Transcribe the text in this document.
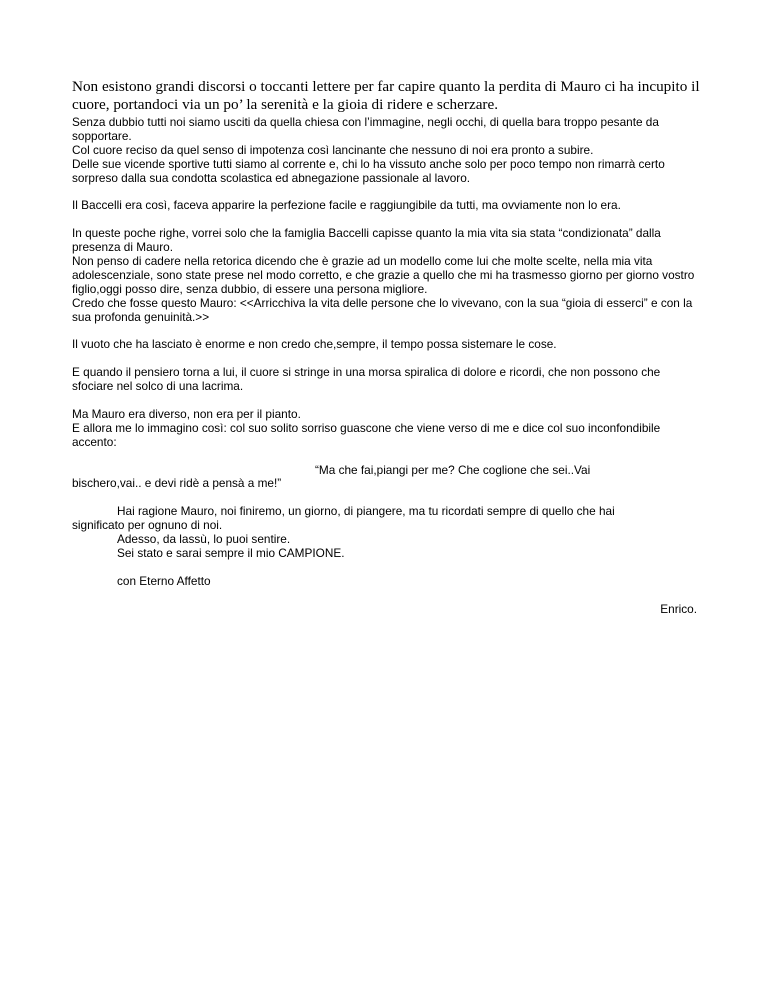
Non esistono grandi discorsi o toccanti lettere per far capire quanto la perdita di Mauro ci ha incupito il cuore, portandoci via un po’ la serenità e la gioia di ridere e scherzare.

Senza dubbio tutti noi siamo usciti da quella chiesa con l’immagine, negli occhi, di quella bara troppo pesante da sopportare.
Col cuore reciso da quel senso di impotenza così lancinante che nessuno di noi era pronto a subire.
Delle sue vicende sportive tutti siamo al corrente e, chi lo ha vissuto anche solo per poco tempo non rimarrà certo sorpreso dalla sua condotta scolastica ed abnegazione passionale al lavoro.

Il Baccelli era così, faceva apparire la perfezione facile e raggiungibile da tutti, ma ovviamente non lo era.

In queste poche righe, vorrei solo che la famiglia Baccelli capisse quanto la mia vita sia stata “condizionata” dalla presenza di Mauro.
Non penso di cadere nella retorica dicendo che è grazie ad un modello come lui che molte scelte, nella mia vita adolescenziale, sono state prese nel modo corretto, e che grazie a quello che mi ha trasmesso giorno per giorno vostro figlio,oggi posso dire, senza dubbio, di essere una persona migliore.
Credo che fosse questo Mauro: <<Arricchiva la vita delle persone che lo vivevano, con la sua “gioia di esserci” e con la sua profonda genuinità.>>

Il vuoto che ha lasciato è enorme e non credo che,sempre, il tempo possa sistemare le cose.

E quando il pensiero torna a lui, il cuore si stringe in una morsa spiralica di dolore e ricordi, che non possono che sfociare nel solco di una lacrima.

Ma Mauro era diverso, non era per il pianto.
E allora me lo immagino così: col suo solito sorriso guascone che viene verso di me e dice col suo inconfondibile accento:

“Ma che fai,piangi per me? Che coglione che sei..Vai
bischero,vai.. e devi ridè a pensà a me!”

Hai ragione Mauro, noi finiremo, un giorno, di piangere, ma tu ricordati sempre di quello che hai
significato per ognuno di noi.
Adesso, da lassù, lo puoi sentire.
Sei stato e sarai sempre il mio CAMPIONE.

con Eterno Affetto

Enrico.
